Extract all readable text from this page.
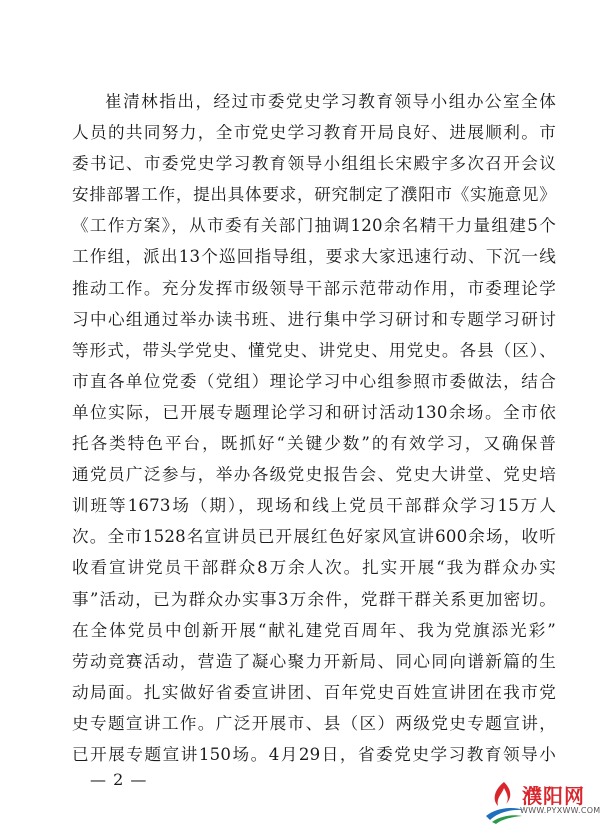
崔清林指出，经过市委党史学习教育领导小组办公室全体
人员的共同努力，全市党史学习教育开局良好、进展顺利。市
委书记、市委党史学习教育领导小组组长宋殿宇多次召开会议
安排部署工作，提出具体要求，研究制定了濮阳市《实施意见》
《工作方案》，从市委有关部门抽调120余名精干力量组建5个
工作组，派出13个巡回指导组，要求大家迅速行动、下沉一线
推动工作。充分发挥市级领导干部示范带动作用，市委理论学
习中心组通过举办读书班、进行集中学习研讨和专题学习研讨
等形式，带头学党史、懂党史、讲党史、用党史。各县（区）、
市直各单位党委（党组）理论学习中心组参照市委做法，结合
单位实际，已开展专题理论学习和研讨活动130余场。全市依
托各类特色平台，既抓好“关键少数”的有效学习，又确保普
通党员广泛参与，举办各级党史报告会、党史大讲堂、党史培
训班等1673场（期），现场和线上党员干部群众学习15万人
次。全市1528名宣讲员已开展红色好家风宣讲600余场，收听
收看宣讲党员干部群众8万余人次。扎实开展“我为群众办实
事”活动，已为群众办实事3万余件，党群干群关系更加密切。
在全体党员中创新开展“献礼建党百周年、我为党旗添光彩”
劳动竞赛活动，营造了凝心聚力开新局、同心同向谱新篇的生
动局面。扎实做好省委宣讲团、百年党史百姓宣讲团在我市党
史专题宣讲工作。广泛开展市、县（区）两级党史专题宣讲，
已开展专题宣讲150场。4月29日，省委党史学习教育领导小
— 2 —
濮阳网
WWW.PYXWW.COM
